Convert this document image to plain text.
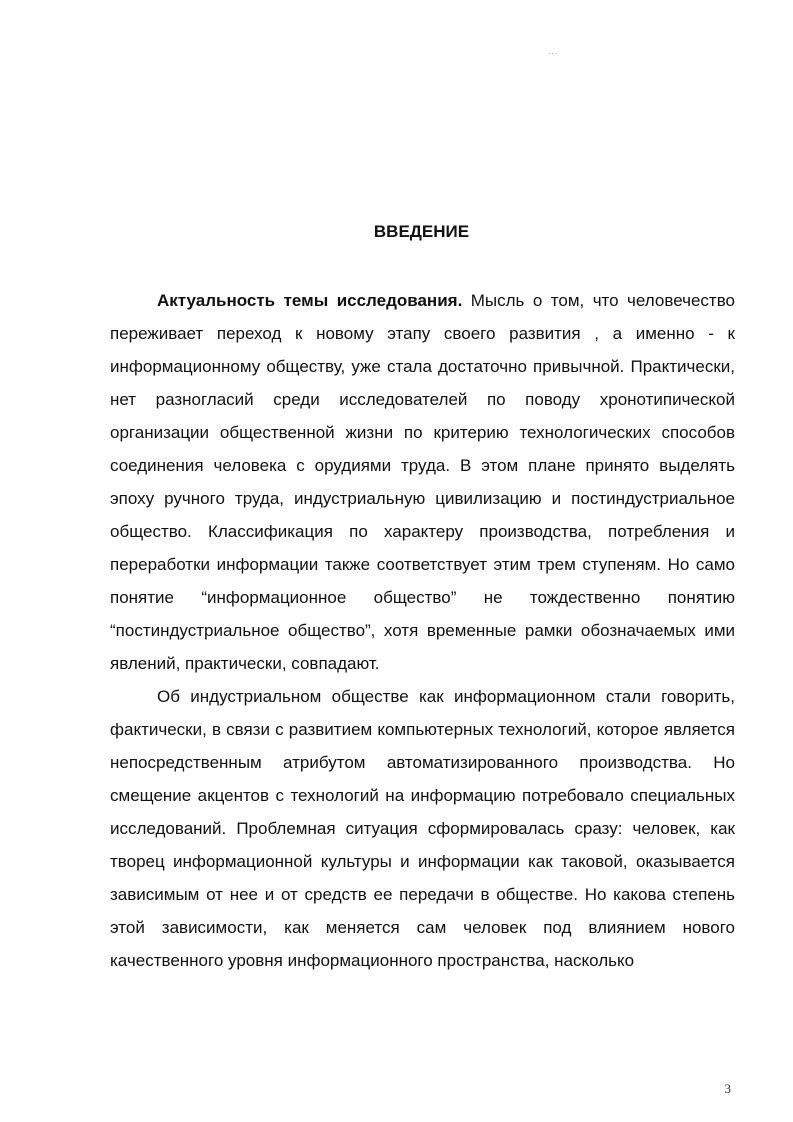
...
ВВЕДЕНИЕ

Актуальность темы исследования. Мысль о том, что человечество переживает переход к новому этапу своего развития , а именно - к информационному обществу, уже стала достаточно привычной. Практически, нет разногласий среди исследователей по поводу хронотипической организации общественной жизни по критерию технологических способов соединения человека с орудиями труда. В этом плане принято выделять эпоху ручного труда, индустриальную цивилизацию и постиндустриальное общество. Классификация по характеру производства, потребления и переработки информации также соответствует этим трем ступеням. Но само понятие “информационное общество” не тождественно понятию “постиндустриальное общество”, хотя временные рамки обозначаемых ими явлений, практически, совпадают.

Об индустриальном обществе как информационном стали говорить, фактически, в связи с развитием компьютерных технологий, которое является непосредственным атрибутом автоматизированного производства. Но смещение акцентов с технологий на информацию потребовало специальных исследований. Проблемная ситуация сформировалась сразу: человек, как творец информационной культуры и информации как таковой, оказывается зависимым от нее и от средств ее передачи в обществе. Но какова степень этой зависимости, как меняется сам человек под влиянием нового качественного уровня информационного пространства, насколько

3
